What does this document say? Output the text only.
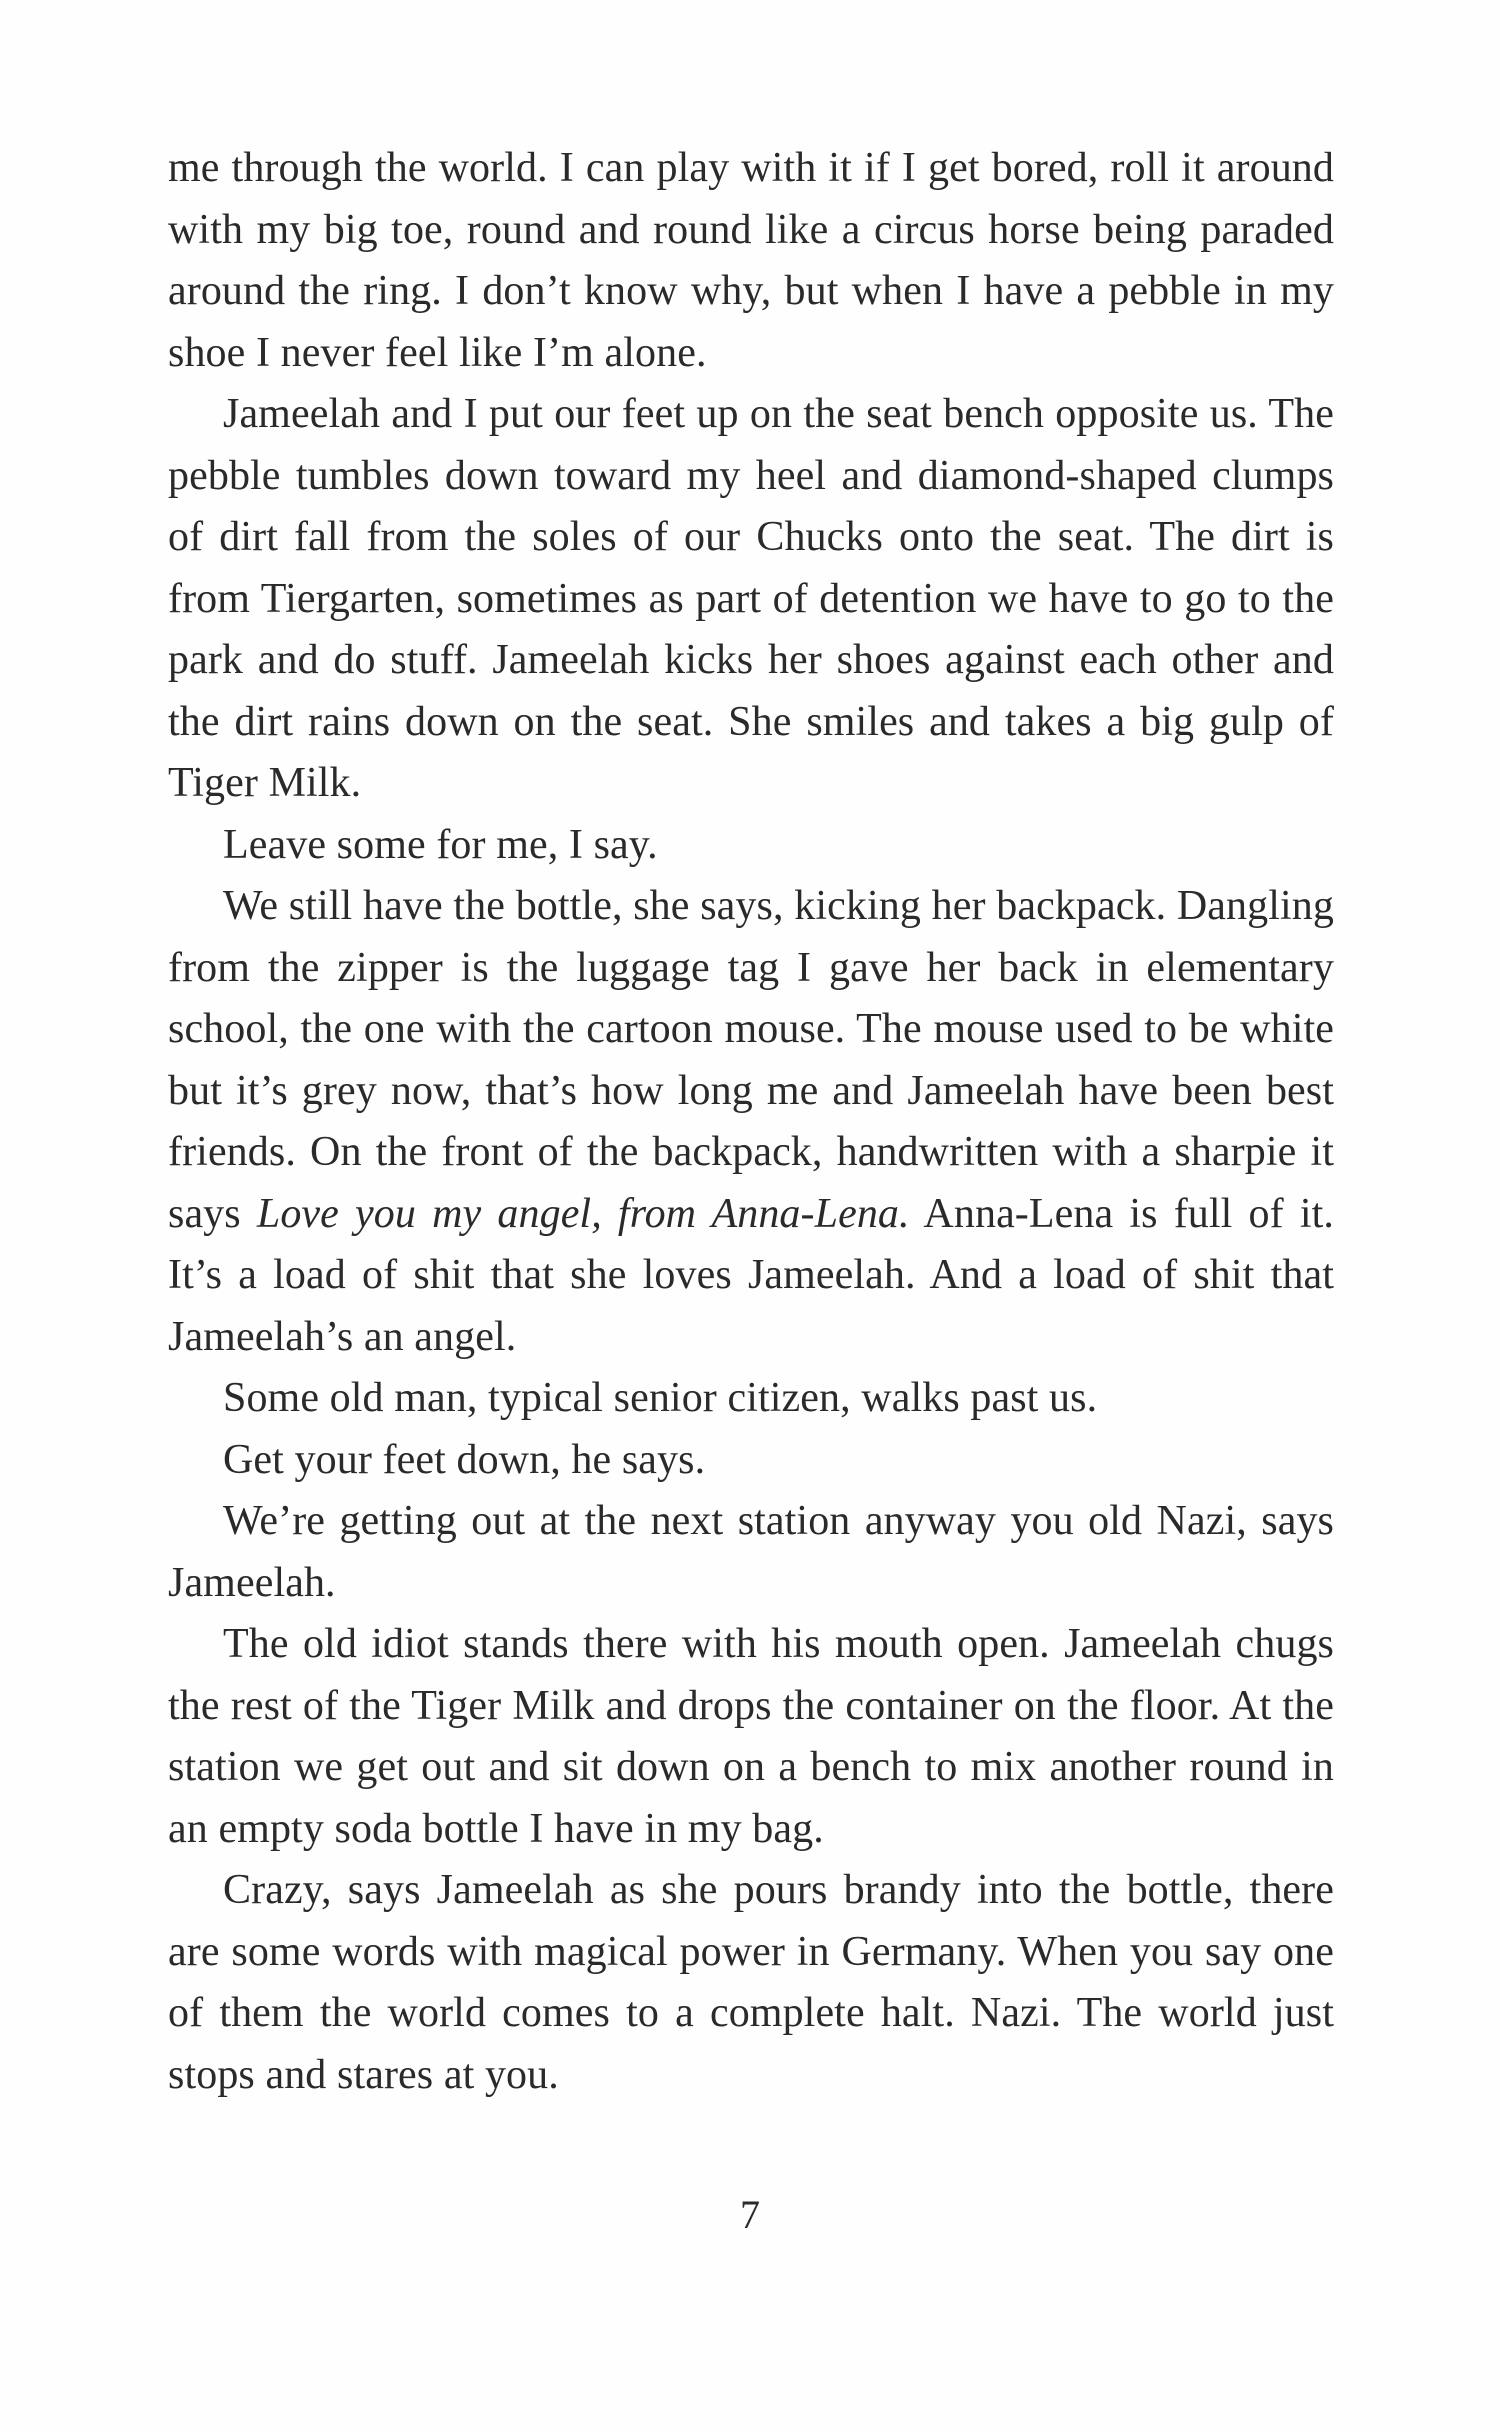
me through the world. I can play with it if I get bored, roll it around with my big toe, round and round like a circus horse being paraded around the ring. I don’t know why, but when I have a pebble in my shoe I never feel like I’m alone.

Jameelah and I put our feet up on the seat bench opposite us. The pebble tumbles down toward my heel and diamond-shaped clumps of dirt fall from the soles of our Chucks onto the seat. The dirt is from Tiergarten, sometimes as part of detention we have to go to the park and do stuff. Jameelah kicks her shoes against each other and the dirt rains down on the seat. She smiles and takes a big gulp of Tiger Milk.

Leave some for me, I say.

We still have the bottle, she says, kicking her backpack. Dangling from the zipper is the luggage tag I gave her back in elementary school, the one with the cartoon mouse. The mouse used to be white but it’s grey now, that’s how long me and Jameelah have been best friends. On the front of the backpack, handwritten with a sharpie it says Love you my angel, from Anna-Lena. Anna-Lena is full of it. It’s a load of shit that she loves Jameelah. And a load of shit that Jameelah’s an angel.

Some old man, typical senior citizen, walks past us.

Get your feet down, he says.

We’re getting out at the next station anyway you old Nazi, says Jameelah.

The old idiot stands there with his mouth open. Jameelah chugs the rest of the Tiger Milk and drops the container on the floor. At the station we get out and sit down on a bench to mix another round in an empty soda bottle I have in my bag.

Crazy, says Jameelah as she pours brandy into the bottle, there are some words with magical power in Germany. When you say one of them the world comes to a complete halt. Nazi. The world just stops and stares at you.

7
